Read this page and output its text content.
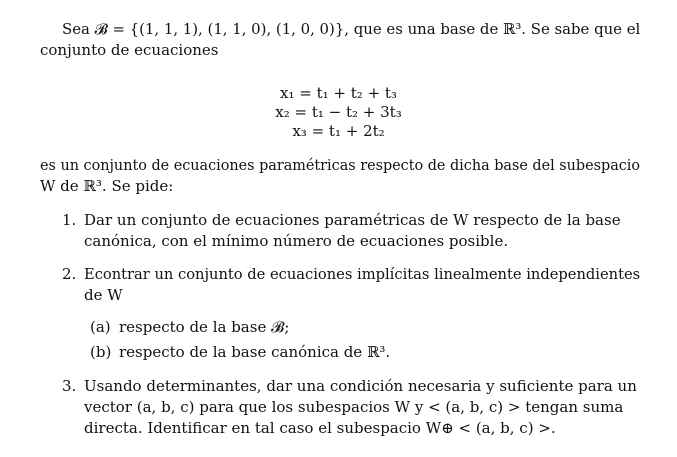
Sea 𝓑 = {(1, 1, 1), (1, 1, 0), (1, 0, 0)}, que es una base de ℝ³. Se sabe que el
conjunto de ecuaciones
x₁ = t₁ + t₂ + t₃
x₂ = t₁ − t₂ + 3t₃
x₃ = t₁ + 2t₂
es un conjunto de ecuaciones paramétricas respecto de dicha base del subespacio
W de ℝ³. Se pide:
1. Dar un conjunto de ecuaciones paramétricas de W respecto de la base
canónica, con el mínimo número de ecuaciones posible.
2. Econtrar un conjunto de ecuaciones implícitas linealmente independientes
de W
(a) respecto de la base 𝓑;
(b) respecto de la base canónica de ℝ³.
3. Usando determinantes, dar una condición necesaria y suficiente para un
vector (a, b, c) para que los subespacios W y < (a, b, c) > tengan suma
directa. Identificar en tal caso el subespacio W⊕ < (a, b, c) >.
